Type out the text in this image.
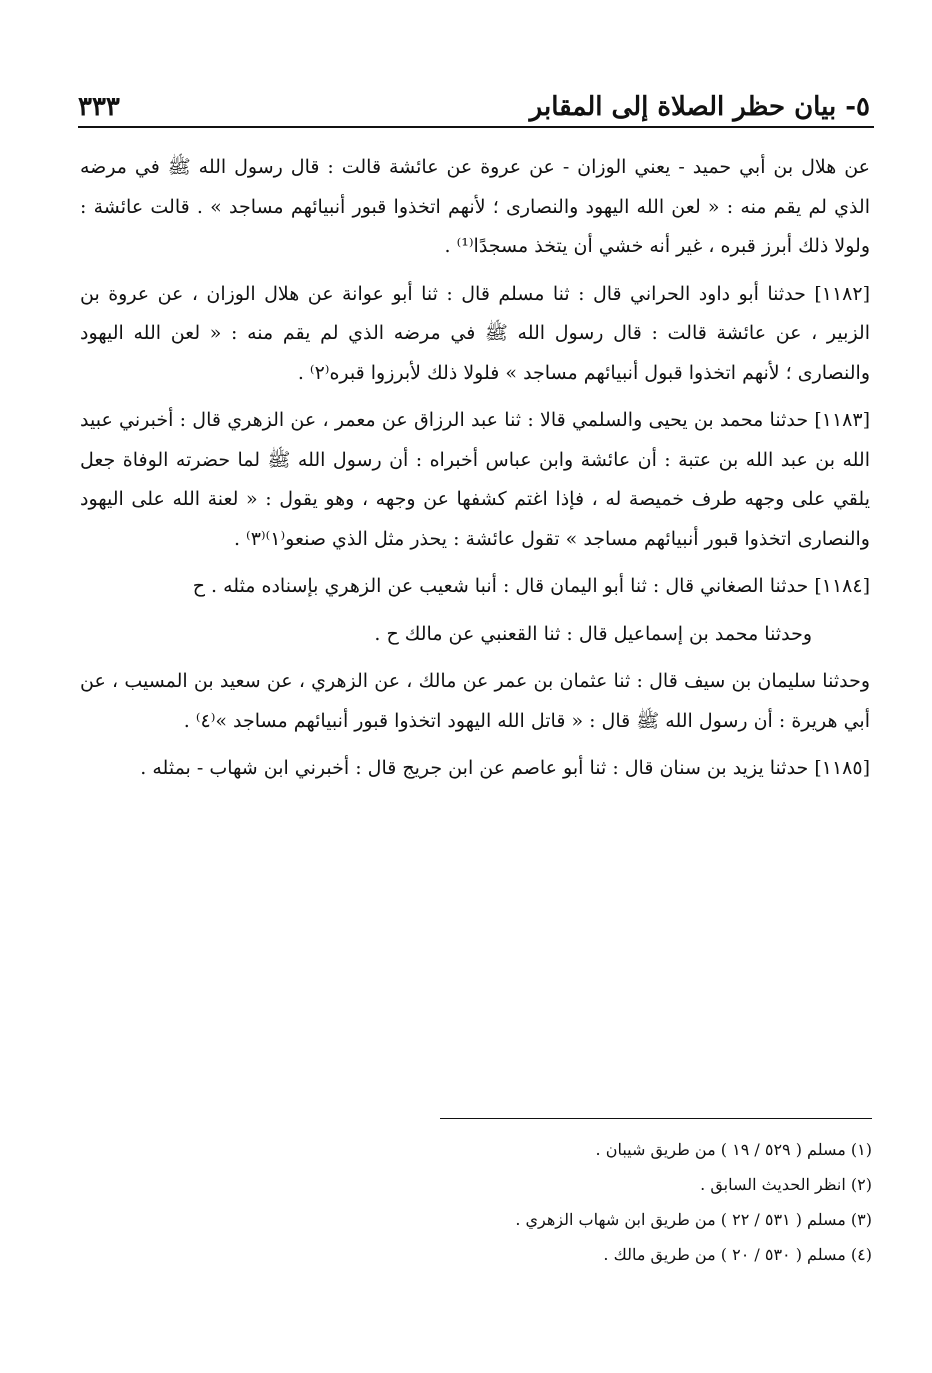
٥- بيان حظر الصلاة إلى المقابر
٣٣٣

عن هلال بن أبي حميد - يعني الوزان - عن عروة عن عائشة قالت : قال رسول الله ﷺ في مرضه الذي لم يقم منه : « لعن الله اليهود والنصارى ؛ لأنهم اتخذوا قبور أنبيائهم مساجد » . قالت عائشة : ولولا ذلك أبرز قبره ، غير أنه خشي أن يتخذ مسجدًا⁽¹⁾ .

[١١٨٢] حدثنا أبو داود الحراني قال : ثنا مسلم قال : ثنا أبو عوانة عن هلال الوزان ، عن عروة بن الزبير ، عن عائشة قالت : قال رسول الله ﷺ في مرضه الذي لم يقم منه : « لعن الله اليهود والنصارى ؛ لأنهم اتخذوا قبول أنبيائهم مساجد » فلولا ذلك لأبرزوا قبره⁽٢⁾ .

[١١٨٣] حدثنا محمد بن يحيى والسلمي قالا : ثنا عبد الرزاق عن معمر ، عن الزهري قال : أخبرني عبيد الله بن عبد الله بن عتبة : أن عائشة وابن عباس أخبراه : أن رسول الله ﷺ لما حضرته الوفاة جعل يلقي على وجهه طرف خميصة له ، فإذا اغتم كشفها عن وجهه ، وهو يقول : « لعنة الله على اليهود والنصارى اتخذوا قبور أنبيائهم مساجد » تقول عائشة : يحذر مثل الذي صنعو⁽١⁾⁽٣⁾ .

[١١٨٤] حدثنا الصغاني قال : ثنا أبو اليمان قال : أنبا شعيب عن الزهري بإسناده مثله . ح

وحدثنا محمد بن إسماعيل قال : ثنا القعنبي عن مالك ح .

وحدثنا سليمان بن سيف قال : ثنا عثمان بن عمر عن مالك ، عن الزهري ، عن سعيد بن المسيب ، عن أبي هريرة : أن رسول الله ﷺ قال : « قاتل الله اليهود اتخذوا قبور أنبيائهم مساجد »⁽٤⁾ .

[١١٨٥] حدثنا يزيد بن سنان قال : ثنا أبو عاصم عن ابن جريج قال : أخبرني ابن شهاب - بمثله .

(١) مسلم ( ٥٢٩ / ١٩ ) من طريق شيبان .

(٢) انظر الحديث السابق .

(٣) مسلم ( ٥٣١ / ٢٢ ) من طريق ابن شهاب الزهري .

(٤) مسلم ( ٥٣٠ / ٢٠ ) من طريق مالك .
